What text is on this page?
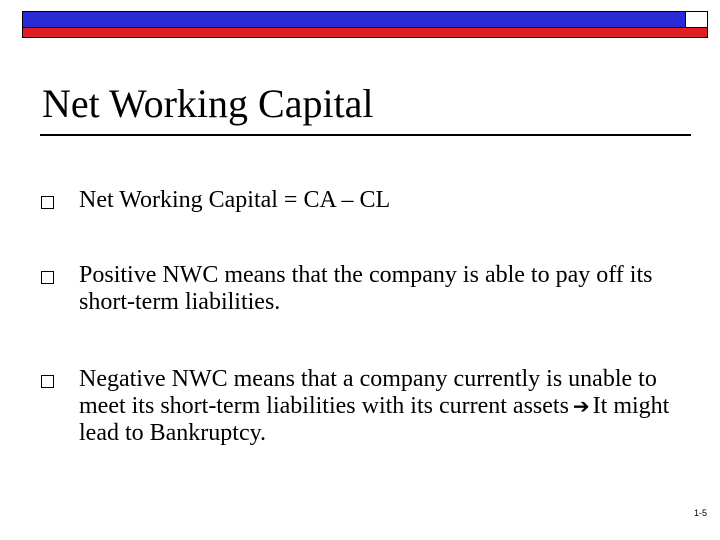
Net Working Capital
Net Working Capital = CA – CL
Positive NWC means that the company is able to pay off its short-term liabilities.
Negative NWC means that a company currently is unable to meet its short-term liabilities with its current assets ➔ It might lead to Bankruptcy.
1-5
